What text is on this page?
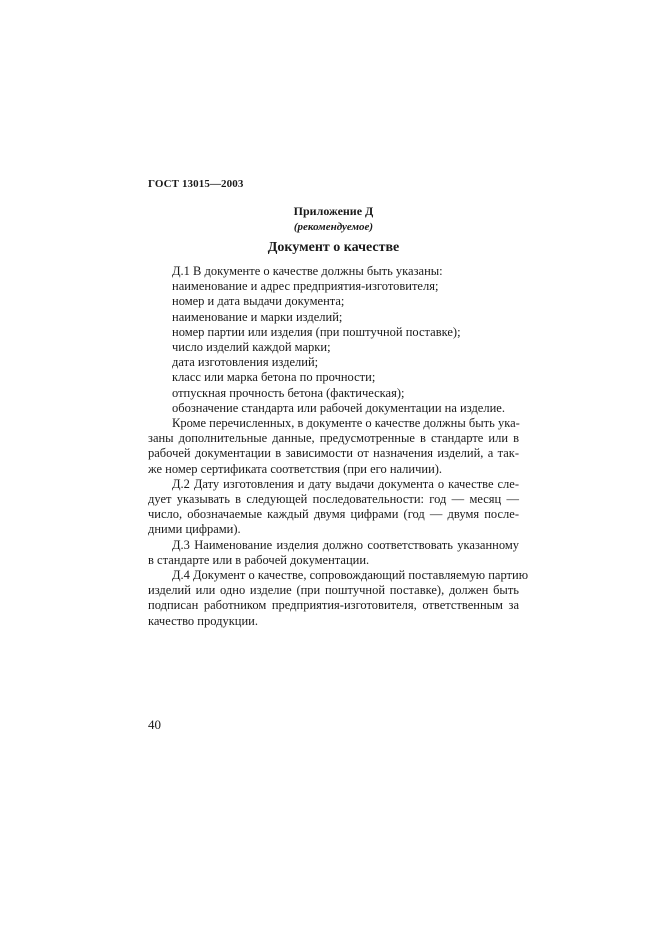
ГОСТ 13015—2003
Приложение Д
(рекомендуемое)
Документ о качестве
Д.1 В документе о качестве должны быть указаны:
наименование и адрес предприятия-изготовителя;
номер и дата выдачи документа;
наименование и марки изделий;
номер партии или изделия (при поштучной поставке);
число изделий каждой марки;
дата изготовления изделий;
класс или марка бетона по прочности;
отпускная прочность бетона (фактическая);
обозначение стандарта или рабочей документации на изделие.
Кроме перечисленных, в документе о качестве должны быть ука-
заны дополнительные данные, предусмотренные в стандарте или в
рабочей документации в зависимости от назначения изделий, а так-
же номер сертификата соответствия (при его наличии).
Д.2 Дату изготовления и дату выдачи документа о качестве сле-
дует указывать в следующей последовательности: год — месяц —
число, обозначаемые каждый двумя цифрами (год — двумя после-
дними цифрами).
Д.3 Наименование изделия должно соответствовать указанному
в стандарте или в рабочей документации.
Д.4 Документ о качестве, сопровождающий поставляемую партию
изделий или одно изделие (при поштучной поставке), должен быть
подписан работником предприятия-изготовителя, ответственным за
качество продукции.
40
